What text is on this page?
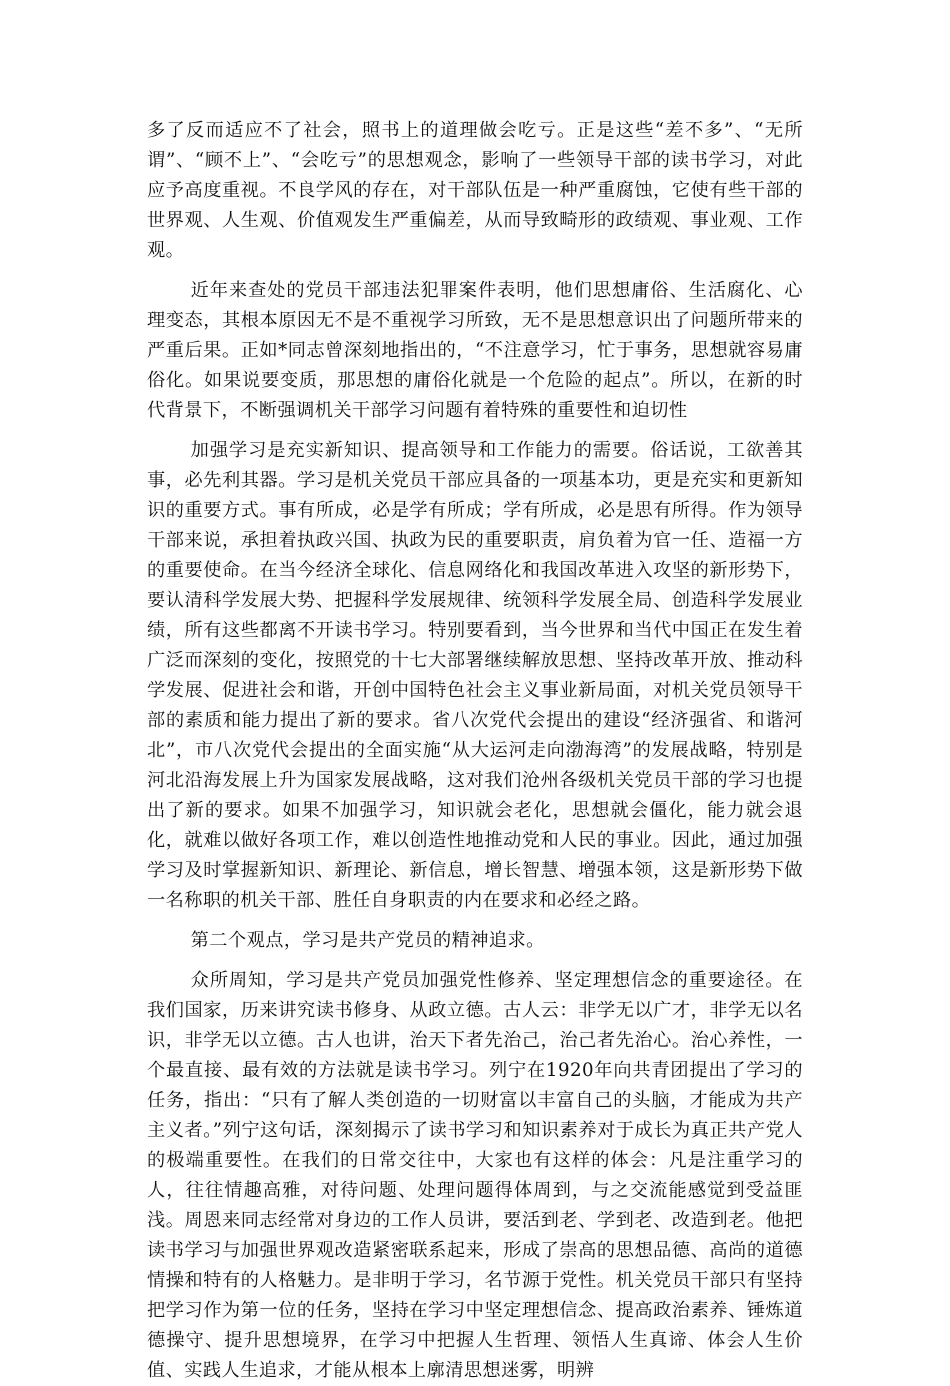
多了反而适应不了社会，照书上的道理做会吃亏。正是这些“差不多”、“无所谓”、“顾不上”、“会吃亏”的思想观念，影响了一些领导干部的读书学习，对此应予高度重视。不良学风的存在，对干部队伍是一种严重腐蚀，它使有些干部的世界观、人生观、价值观发生严重偏差，从而导致畸形的政绩观、事业观、工作观。

近年来查处的党员干部违法犯罪案件表明，他们思想庸俗、生活腐化、心理变态，其根本原因无不是不重视学习所致，无不是思想意识出了问题所带来的严重后果。正如*同志曾深刻地指出的，“不注意学习，忙于事务，思想就容易庸俗化。如果说要变质，那思想的庸俗化就是一个危险的起点”。所以，在新的时代背景下，不断强调机关干部学习问题有着特殊的重要性和迫切性

加强学习是充实新知识、提高领导和工作能力的需要。俗话说，工欲善其事，必先利其器。学习是机关党员干部应具备的一项基本功，更是充实和更新知识的重要方式。事有所成，必是学有所成；学有所成，必是思有所得。作为领导干部来说，承担着执政兴国、执政为民的重要职责，肩负着为官一任、造福一方的重要使命。在当今经济全球化、信息网络化和我国改革进入攻坚的新形势下，要认清科学发展大势、把握科学发展规律、统领科学发展全局、创造科学发展业绩，所有这些都离不开读书学习。特别要看到，当今世界和当代中国正在发生着广泛而深刻的变化，按照党的十七大部署继续解放思想、坚持改革开放、推动科学发展、促进社会和谐，开创中国特色社会主义事业新局面，对机关党员领导干部的素质和能力提出了新的要求。省八次党代会提出的建设“经济强省、和谐河北”，市八次党代会提出的全面实施“从大运河走向渤海湾”的发展战略，特别是河北沿海发展上升为国家发展战略，这对我们沧州各级机关党员干部的学习也提出了新的要求。如果不加强学习，知识就会老化，思想就会僵化，能力就会退化，就难以做好各项工作，难以创造性地推动党和人民的事业。因此，通过加强学习及时掌握新知识、新理论、新信息，增长智慧、增强本领，这是新形势下做一名称职的机关干部、胜任自身职责的内在要求和必经之路。

第二个观点，学习是共产党员的精神追求。

众所周知，学习是共产党员加强党性修养、坚定理想信念的重要途径。在我们国家，历来讲究读书修身、从政立德。古人云：非学无以广才，非学无以名识，非学无以立德。古人也讲，治天下者先治己，治己者先治心。治心养性，一个最直接、最有效的方法就是读书学习。列宁在1920年向共青团提出了学习的任务，指出：“只有了解人类创造的一切财富以丰富自己的头脑，才能成为共产主义者。”列宁这句话，深刻揭示了读书学习和知识素养对于成长为真正共产党人的极端重要性。在我们的日常交往中，大家也有这样的体会：凡是注重学习的人，往往情趣高雅，对待问题、处理问题得体周到，与之交流能感觉到受益匪浅。周恩来同志经常对身边的工作人员讲，要活到老、学到老、改造到老。他把读书学习与加强世界观改造紧密联系起来，形成了崇高的思想品德、高尚的道德情操和特有的人格魅力。是非明于学习，名节源于党性。机关党员干部只有坚持把学习作为第一位的任务，坚持在学习中坚定理想信念、提高政治素养、锤炼道德操守、提升思想境界，在学习中把握人生哲理、领悟人生真谛、体会人生价值、实践人生追求，才能从根本上廓清思想迷雾，明辨
